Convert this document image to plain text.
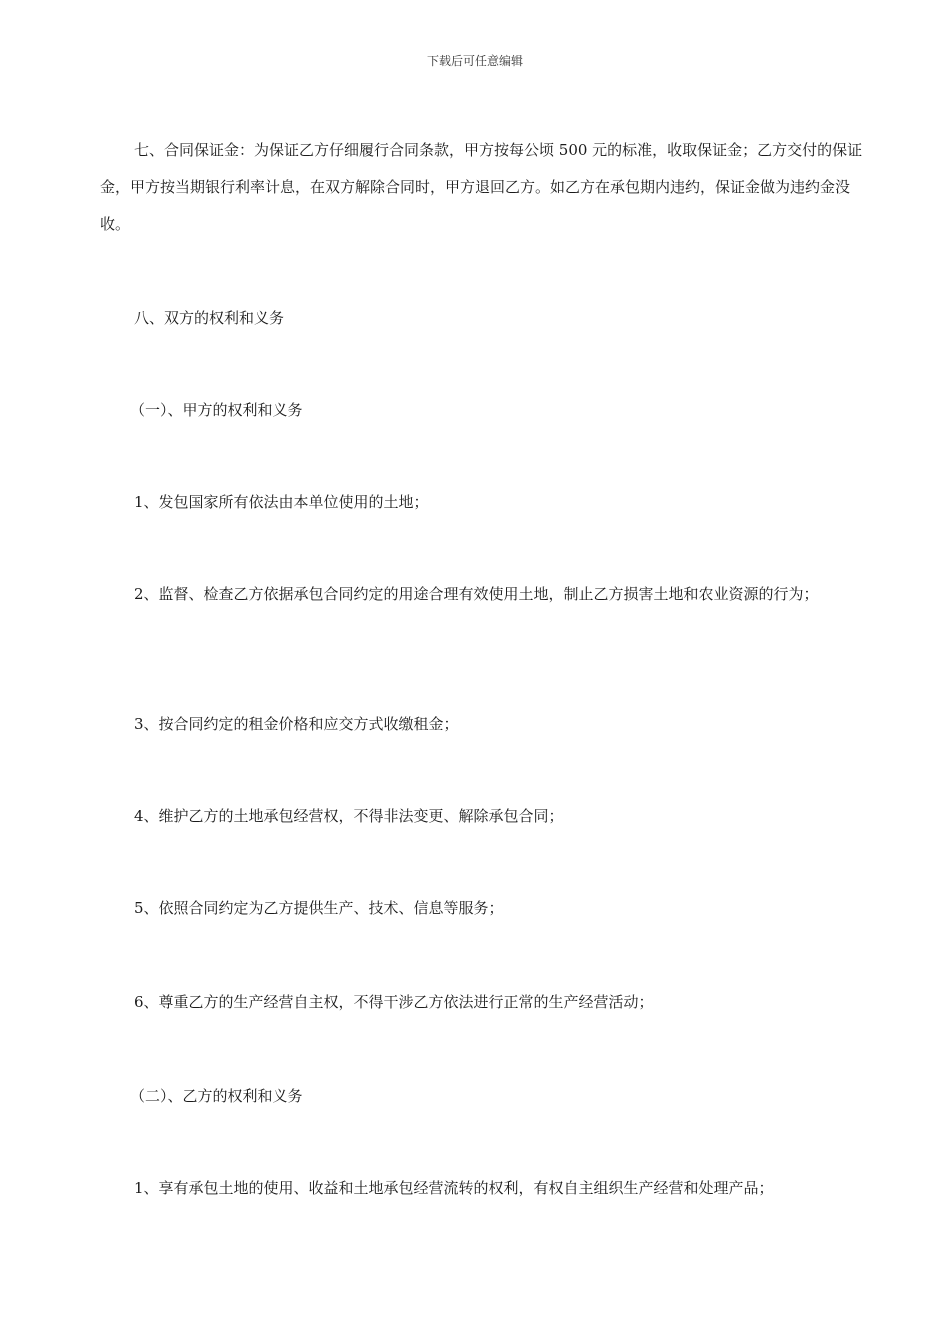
下载后可任意编辑

七、合同保证金：为保证乙方仔细履行合同条款，甲方按每公顷 500 元的标准，收取保证金；乙方交付的保证金，甲方按当期银行利率计息，在双方解除合同时，甲方退回乙方。如乙方在承包期内违约，保证金做为违约金没收。

八、双方的权利和义务

（一）、甲方的权利和义务

1、发包国家所有依法由本单位使用的土地；

2、监督、检查乙方依据承包合同约定的用途合理有效使用土地，制止乙方损害土地和农业资源的行为；

3、按合同约定的租金价格和应交方式收缴租金；

4、维护乙方的土地承包经营权，不得非法变更、解除承包合同；

5、依照合同约定为乙方提供生产、技术、信息等服务；

6、尊重乙方的生产经营自主权，不得干涉乙方依法进行正常的生产经营活动；

（二）、乙方的权利和义务

1、享有承包土地的使用、收益和土地承包经营流转的权利，有权自主组织生产经营和处理产品；
